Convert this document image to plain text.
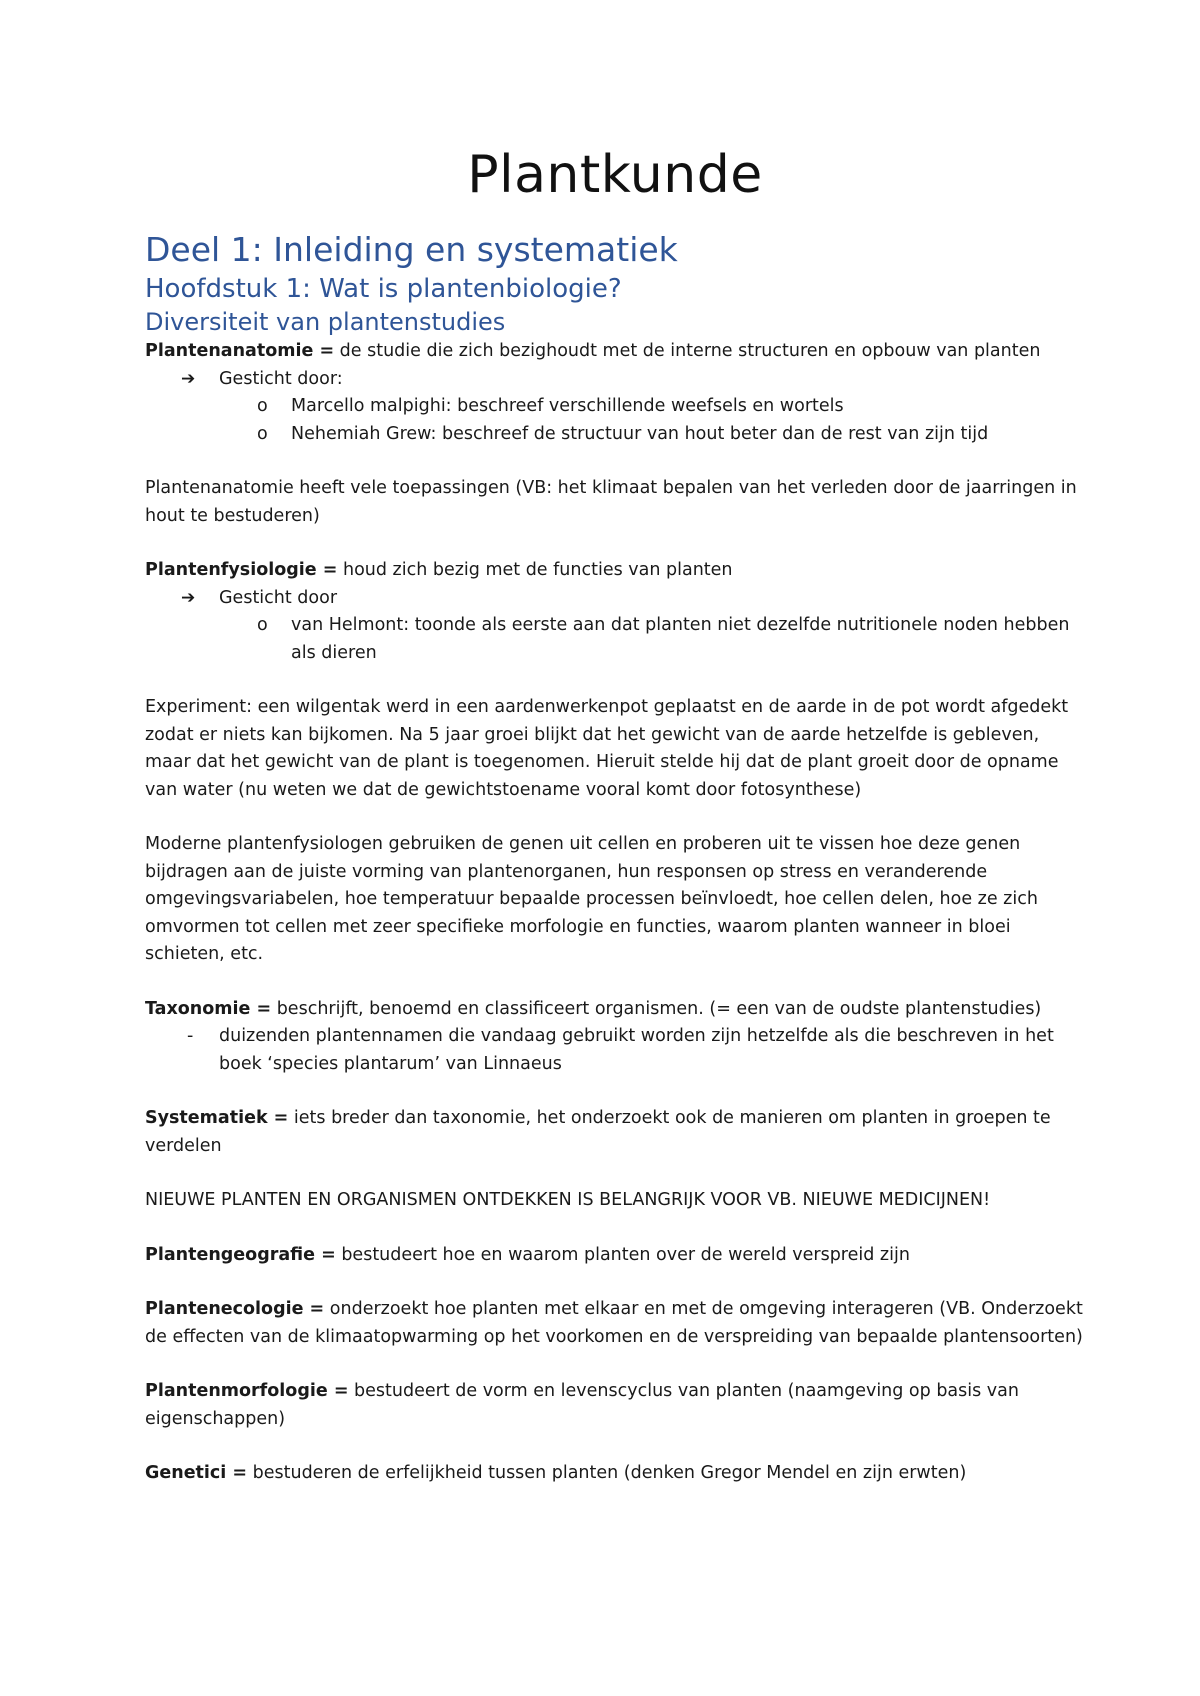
Plantkunde
Deel 1: Inleiding en systematiek
Hoofdstuk 1: Wat is plantenbiologie?
Diversiteit van plantenstudies

Plantenanatomie = de studie die zich bezighoudt met de interne structuren en opbouw van planten

➔ Gesticht door:
o Marcello malpighi: beschreef verschillende weefsels en wortels
o Nehemiah Grew: beschreef de structuur van hout beter dan de rest van zijn tijd

Plantenanatomie heeft vele toepassingen (VB: het klimaat bepalen van het verleden door de jaarringen in hout te bestuderen)

Plantenfysiologie = houd zich bezig met de functies van planten

➔ Gesticht door
o van Helmont: toonde als eerste aan dat planten niet dezelfde nutritionele noden hebben als dieren

Experiment: een wilgentak werd in een aardenwerkenpot geplaatst en de aarde in de pot wordt afgedekt zodat er niets kan bijkomen. Na 5 jaar groei blijkt dat het gewicht van de aarde hetzelfde is gebleven, maar dat het gewicht van de plant is toegenomen. Hieruit stelde hij dat de plant groeit door de opname van water (nu weten we dat de gewichtstoename vooral komt door fotosynthese)

Moderne plantenfysiologen gebruiken de genen uit cellen en proberen uit te vissen hoe deze genen bijdragen aan de juiste vorming van plantenorganen, hun responsen op stress en veranderende omgevingsvariabelen, hoe temperatuur bepaalde processen beïnvloedt, hoe cellen delen, hoe ze zich omvormen tot cellen met zeer specifieke morfologie en functies, waarom planten wanneer in bloei schieten, etc.

Taxonomie = beschrijft, benoemd en classificeert organismen. (= een van de oudste plantenstudies)

- duizenden plantennamen die vandaag gebruikt worden zijn hetzelfde als die beschreven in het boek ‘species plantarum’ van Linnaeus

Systematiek = iets breder dan taxonomie, het onderzoekt ook de manieren om planten in groepen te verdelen

NIEUWE PLANTEN EN ORGANISMEN ONTDEKKEN IS BELANGRIJK VOOR VB. NIEUWE MEDICIJNEN!

Plantengeografie = bestudeert hoe en waarom planten over de wereld verspreid zijn

Plantenecologie = onderzoekt hoe planten met elkaar en met de omgeving interageren (VB. Onderzoekt de effecten van de klimaatopwarming op het voorkomen en de verspreiding van bepaalde plantensoorten)

Plantenmorfologie = bestudeert de vorm en levenscyclus van planten (naamgeving op basis van eigenschappen)

Genetici = bestuderen de erfelijkheid tussen planten (denken Gregor Mendel en zijn erwten)
